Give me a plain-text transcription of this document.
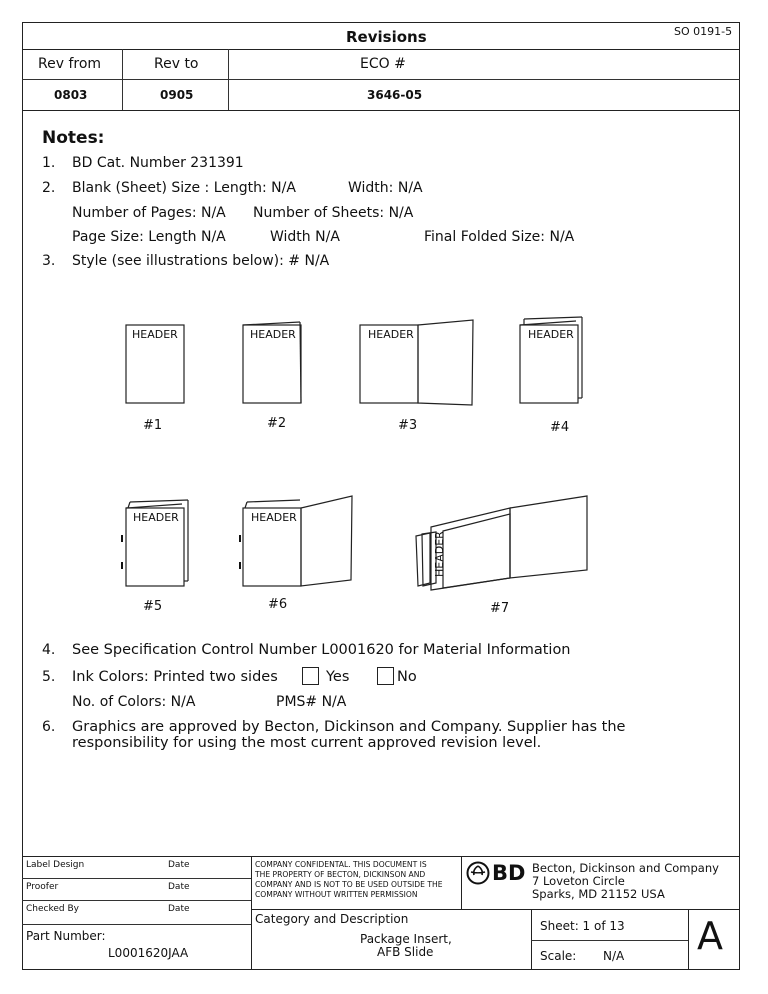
SO 0191-5
Revisions
Rev from	Rev to	ECO #
0803	0905	3646-05
Notes:
1. BD Cat. Number 231391
2. Blank (Sheet) Size : Length: N/A	Width: N/A
Number of Pages: N/A Number of Sheets: N/A
Page Size: Length N/A	Width N/A	Final Folded Size: N/A
3. Style (see illustrations below): # N/A
HEADER	HEADER	HEADER	HEADER
HEADER	HEADER
HEADER
#1	#2	#3	#4
#5	#6	#7
4. See Specification Control Number L0001620 for Material Information
5. Ink Colors: Printed two sides	Yes	No
No. of Colors: N/A	PMS# N/A
6. Graphics are approved by Becton, Dickinson and Company. Supplier has the
responsibility for using the most current approved revision level.
Label Design	Date
Proofer	Date
Checked By	Date
Part Number:
L0001620JAA
COMPANY CONFIDENTAL. THIS DOCUMENT IS
THE PROPERTY OF BECTON, DICKINSON AND
COMPANY AND IS NOT TO BE USED OUTSIDE THE
COMPANY WITHOUT WRITTEN PERMISSION
BD Becton, Dickinson and Company
7 Loveton Circle
Sparks, MD 21152 USA
Category and Description
Package Insert,
AFB Slide
Sheet: 1 of 13
Scale: N/A A
